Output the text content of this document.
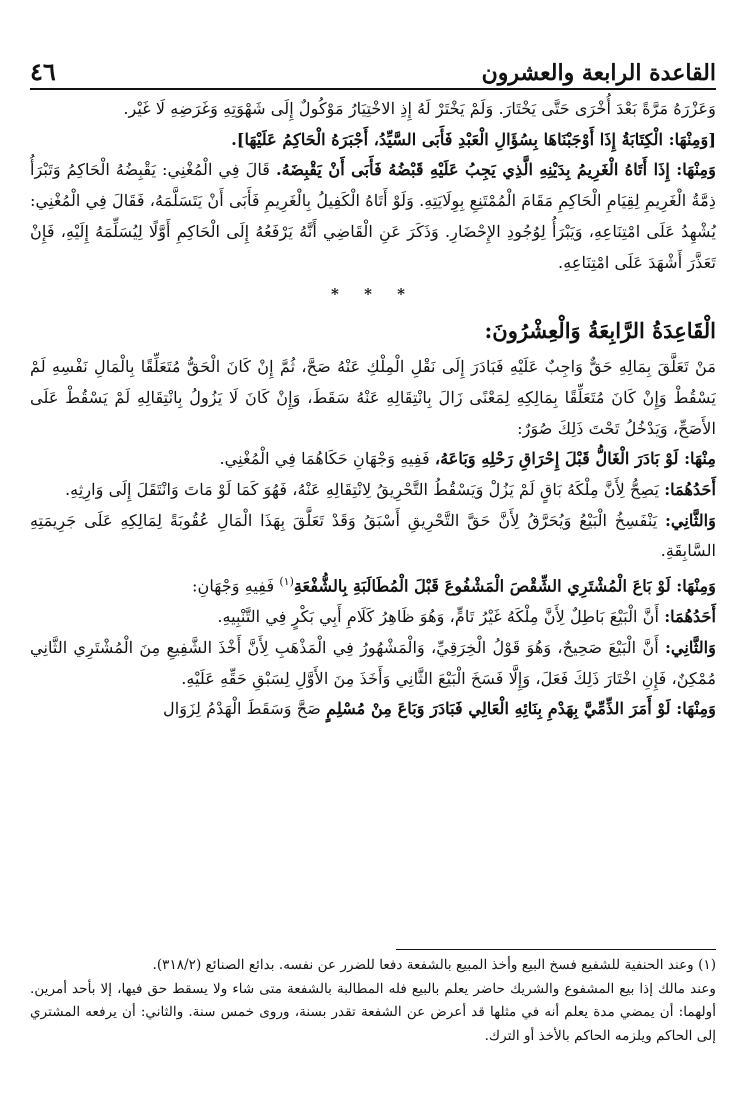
القاعدة الرابعة والعشرون
٤٦

وَعَزْرَهُ مَرَّةً بَعْدَ أُخْرَى حَتَّى يَخْتَارَ. وَلَمْ يَخْتَرْ لَهُ إِذِ الاخْتِيَارُ مَوْكُولٌ إِلَى شَهْوَتِهِ وَغَرَضِهِ لَا غَيْر.

[وَمِنْهَا: الْكِتَابَةُ إِذَا أَوْجَبْنَاهَا بِسُؤَالِ الْعَبْدِ فَأَبَى السَّيِّدُ، أَجْبَرَهُ الْحَاكِمُ عَلَيْهَا].

وَمِنْهَا: إِذَا أَتَاهُ الْغَرِيمُ بِدَيْنِهِ الَّذِي يَجِبُ عَلَيْهِ قَبْضُهُ فَأَبَى أَنْ يَقْبِضَهُ. قَالَ فِي الْمُغْنِي: يَقْبِضُهُ الْحَاكِمُ وَتَبْرَأُ ذِمَّةُ الْغَرِيمِ لِقِيَامِ الْحَاكِمِ مَقَامَ الْمُمْتَنِعِ بِوِلَايَتِهِ. وَلَوْ أَتَاهُ الْكَفِيلُ بِالْغَرِيمِ فَأَبَى أَنْ يَتَسَلَّمَهُ، فَقَالَ فِي الْمُغْنِي: يُشْهِدُ عَلَى امْتِنَاعِهِ، وَيَبْرَأُ لِوُجُودِ الإِحْضَارِ. وَذَكَرَ عَنِ الْقَاضِي أَنَّهُ يَرْفَعُهُ إِلَى الْحَاكِمِ أَوَّلًا لِيُسَلِّمَهُ إِلَيْهِ، فَإِنْ تَعَذَّرَ أَشْهَدَ عَلَى امْتِنَاعِهِ.

* * *

الْقَاعِدَةُ الرَّابِعَةُ وَالْعِشْرُونَ:

مَنْ تَعَلَّقَ بِمَالِهِ حَقٌّ وَاجِبٌ عَلَيْهِ فَبَادَرَ إِلَى نَقْلِ الْمِلْكِ عَنْهُ صَحَّ، ثُمَّ إِنْ كَانَ الْحَقُّ مُتَعَلِّقًا بِالْمَالِ نَفْسِهِ لَمْ يَسْقُطْ وَإِنْ كَانَ مُتَعَلِّقًا بِمَالِكِهِ لِمَعْنًى زَالَ بِانْتِقَالِهِ عَنْهُ سَقَطَ، وَإِنْ كَانَ لَا يَزُولُ بِانْتِقَالِهِ لَمْ يَسْقُطْ عَلَى الأَصَحِّ، وَيَدْخُلُ تَحْتَ ذَلِكَ صُوَرٌ:

مِنْهَا: لَوْ بَادَرَ الْغَالُّ قَبْلَ إِحْرَاقِ رَحْلِهِ وَبَاعَهُ، فَفِيهِ وَجْهَانِ حَكَاهُمَا فِي الْمُغْنِي.

أَحَدُهُمَا: يَصِحُّ لِأَنَّ مِلْكَهُ بَاقٍ لَمْ يَزُلْ وَيَسْقُطُ التَّحْرِيقُ لِانْتِقَالِهِ عَنْهُ، فَهُوَ كَمَا لَوْ مَاتَ وَانْتَقَلَ إِلَى وَارِثِهِ.

وَالثَّانِي: يَنْفَسِخُ الْبَيْعُ وَيُحَرَّقُ لِأَنَّ حَقَّ التَّحْرِيقِ أَسْبَقُ وَقَدْ تَعَلَّقَ بِهَذَا الْمَالِ عُقُوبَةً لِمَالِكِهِ عَلَى جَرِيمَتِهِ السَّابِقَةِ.

وَمِنْهَا: لَوْ بَاعَ الْمُشْتَرِي الشِّقْصَ الْمَشْفُوعَ قَبْلَ الْمُطَالَبَةِ بِالشُّفْعَةِ$^{(١)}$ فَفِيهِ وَجْهَانِ:

أَحَدُهُمَا: أَنَّ الْبَيْعَ بَاطِلٌ لِأَنَّ مِلْكَهُ غَيْرُ تَامٍّ، وَهُوَ ظَاهِرُ كَلَامِ أَبِي بَكْرٍ فِي التَّنْبِيهِ.

وَالثَّانِي: أَنَّ الْبَيْعَ صَحِيحٌ، وَهُوَ قَوْلُ الْخِرَقِيِّ، وَالْمَشْهُورُ فِي الْمَذْهَبِ لِأَنَّ أَخْذَ الشَّفِيعِ مِنَ الْمُشْتَرِي الثَّانِي مُمْكِنٌ، فَإِنِ اخْتَارَ ذَلِكَ فَعَلَ، وَإِلَّا فَسَخَ الْبَيْعَ الثَّانِي وَأَخَذَ مِنَ الأَوَّلِ لِسَبْقِ حَقِّهِ عَلَيْهِ.

وَمِنْهَا: لَوْ أَمَرَ الذِّمِّيَّ بِهَدْمِ بِنَائِهِ الْعَالِي فَبَادَرَ وَبَاعَ مِنْ مُسْلِمٍ صَحَّ وَسَقَطَ الْهَدْمُ لِزَوَال

(١) وعند الحنفية للشفيع فسخ البيع وأخذ المبيع بالشفعة دفعا للضرر عن نفسه. بدائع الصنائع (٣١٨/٢).

وعند مالك إذا بيع المشفوع والشريك حاضر يعلم بالبيع فله المطالبة بالشفعة متى شاء ولا يسقط حق فيها، إلا بأحد أمرين. أولهما: أن يمضي مدة يعلم أنه في مثلها قد أعرض عن الشفعة تقدر بسنة، وروى خمس سنة. والثاني: أن يرفعه المشتري إلى الحاكم ويلزمه الحاكم بالأخذ أو الترك.
